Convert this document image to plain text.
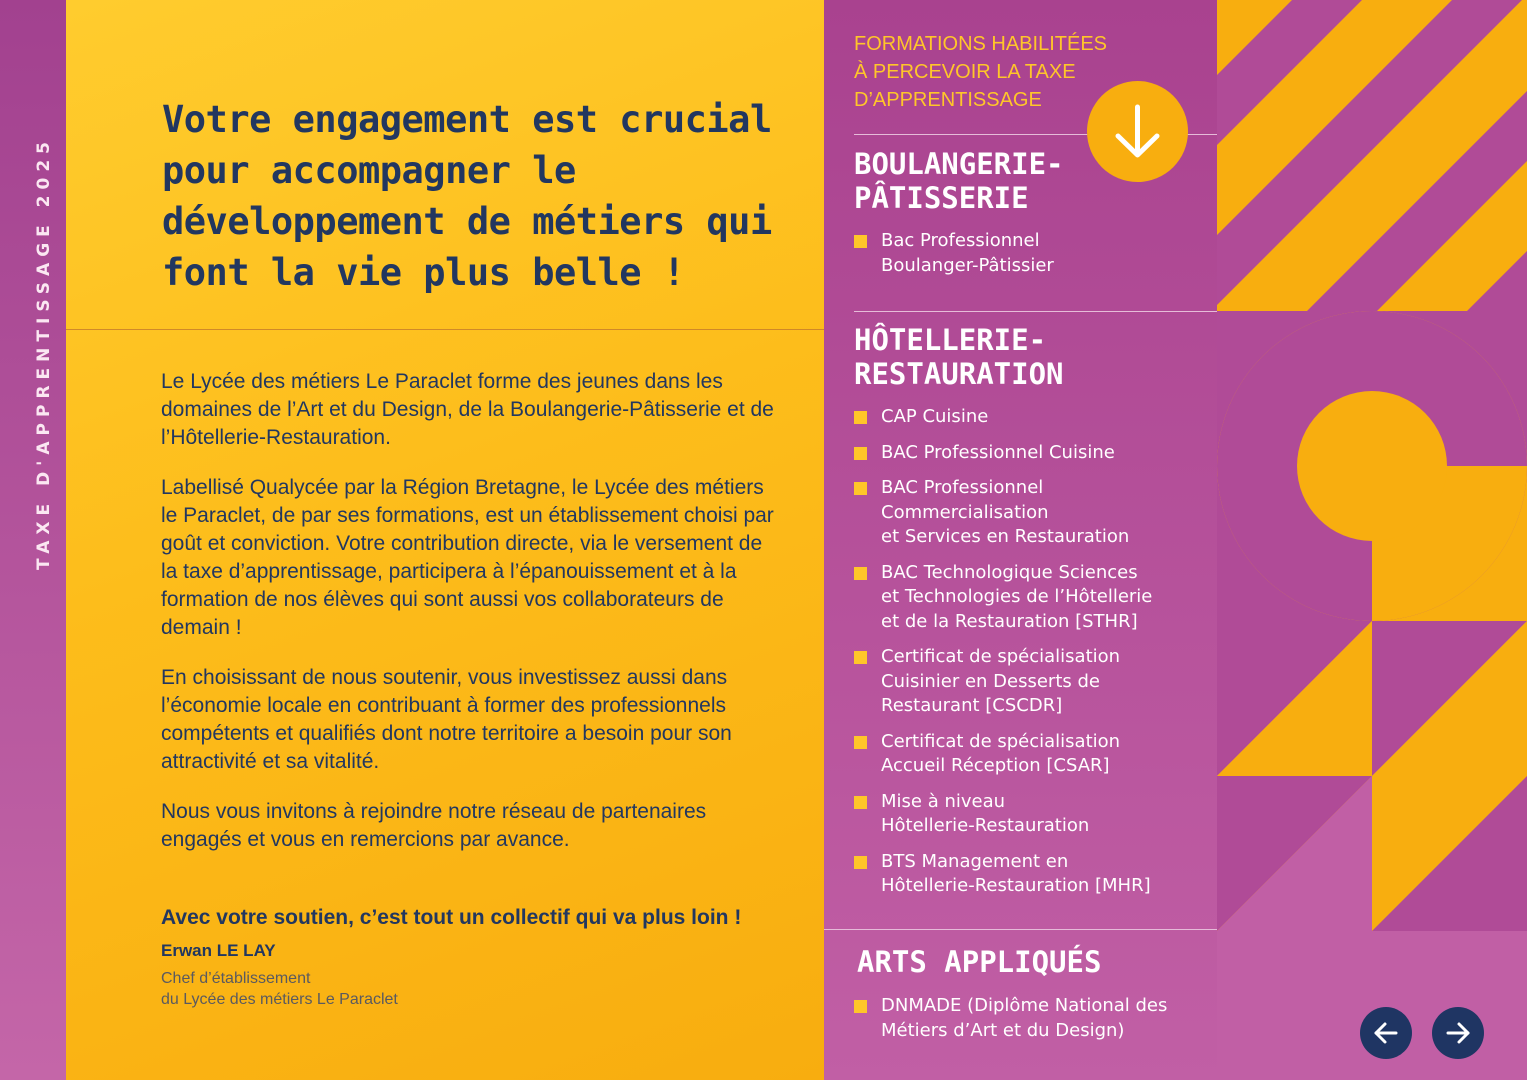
TAXE D'APPRENTISSAGE 2025
Votre engagement est crucial pour accompagner le développement de métiers qui font la vie plus belle !

Le Lycée des métiers Le Paraclet forme des jeunes dans les domaines de l’Art et du Design, de la Boulangerie-Pâtisserie et de l’Hôtellerie-Restauration.

Labellisé Qualycée par la Région Bretagne, le Lycée des métiers le Paraclet, de par ses formations, est un établissement choisi par goût et conviction. Votre contribution directe, via le versement de la taxe d’apprentissage, participera à l’épanouissement et à la formation de nos élèves qui sont aussi vos collaborateurs de demain !

En choisissant de nous soutenir, vous investissez aussi dans l’économie locale en contribuant à former des professionnels compétents et qualifiés dont notre territoire a besoin pour son attractivité et sa vitalité.

Nous vous invitons à rejoindre notre réseau de partenaires engagés et vous en remercions par avance.

Avec votre soutien, c’est tout un collectif qui va plus loin !
Erwan LE LAY
Chef d’établissement
du Lycée des métiers Le Paraclet
FORMATIONS HABILITÉES
À PERCEVOIR LA TAXE
D’APPRENTISSAGE
BOULANGERIE-
PÂTISSERIE
Bac Professionnel
Boulanger-Pâtissier
HÔTELLERIE-
RESTAURATION
CAP Cuisine
BAC Professionnel Cuisine
BAC Professionnel
Commercialisation
et Services en Restauration
BAC Technologique Sciences
et Technologies de l’Hôtellerie
et de la Restauration [STHR]
Certificat de spécialisation
Cuisinier en Desserts de
Restaurant [CSCDR]
Certificat de spécialisation
Accueil Réception [CSAR]
Mise à niveau
Hôtellerie-Restauration
BTS Management en
Hôtellerie-Restauration [MHR]
ARTS APPLIQUÉS
DNMADE (Diplôme National des
Métiers d’Art et du Design)
